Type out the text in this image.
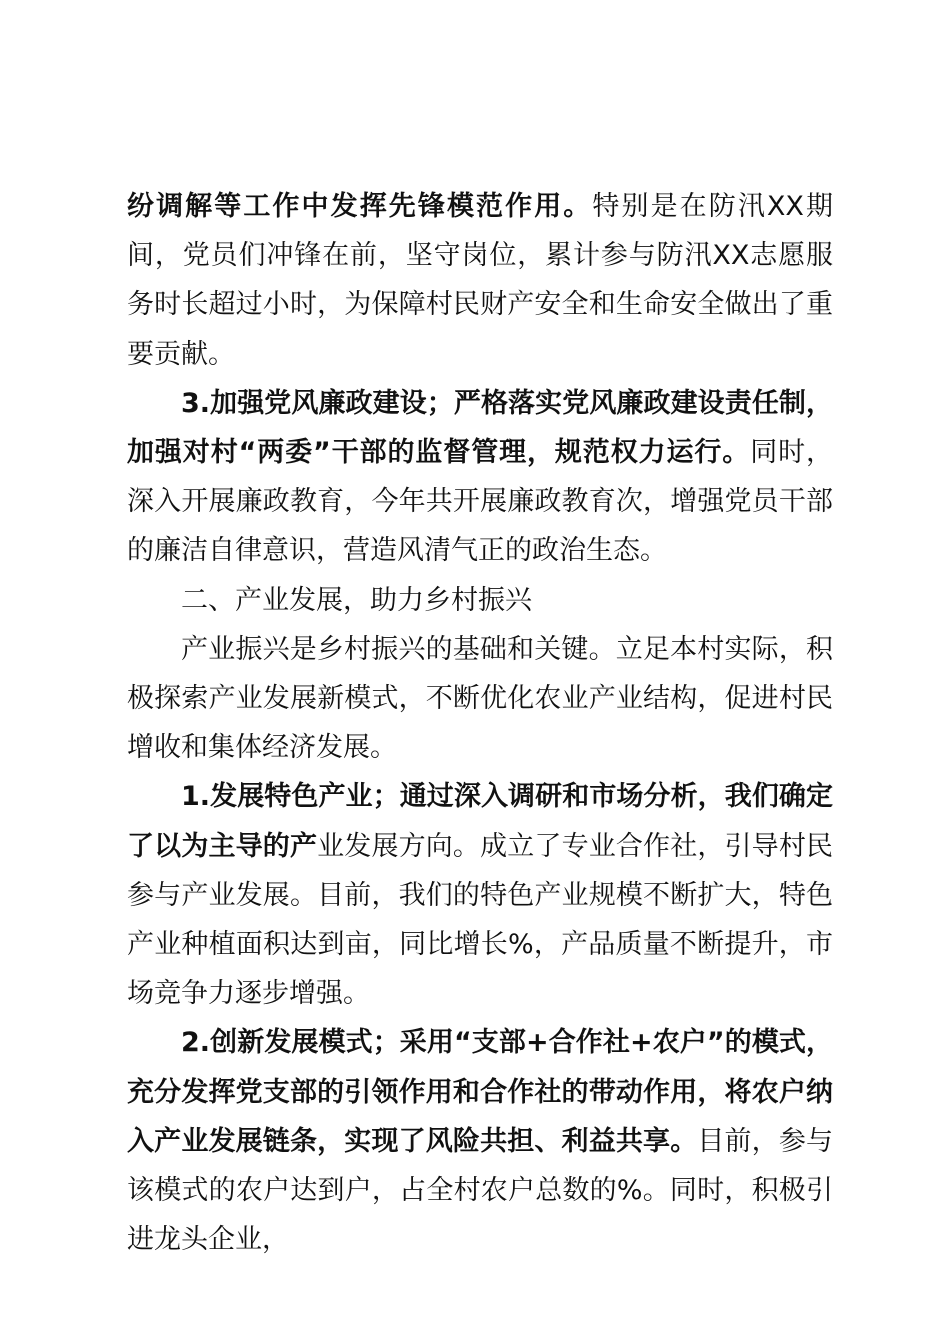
纷调解等工作中发挥先锋模范作用。特别是在防汛XX期间，党员们冲锋在前，坚守岗位，累计参与防汛XX志愿服务时长超过小时，为保障村民财产安全和生命安全做出了重要贡献。

3.加强党风廉政建设；严格落实党风廉政建设责任制，加强对村“两委”干部的监督管理，规范权力运行。同时，深入开展廉政教育，今年共开展廉政教育次，增强党员干部的廉洁自律意识，营造风清气正的政治生态。

二、产业发展，助力乡村振兴

产业振兴是乡村振兴的基础和关键。立足本村实际，积极探索产业发展新模式，不断优化农业产业结构，促进村民增收和集体经济发展。

1.发展特色产业；通过深入调研和市场分析，我们确定了以为主导的产业发展方向。成立了专业合作社，引导村民参与产业发展。目前，我们的特色产业规模不断扩大，特色产业种植面积达到亩，同比增长%，产品质量不断提升，市场竞争力逐步增强。

2.创新发展模式；采用“支部+合作社+农户”的模式，充分发挥党支部的引领作用和合作社的带动作用，将农户纳入产业发展链条，实现了风险共担、利益共享。目前，参与该模式的农户达到户，占全村农户总数的%。同时，积极引进龙头企业，
